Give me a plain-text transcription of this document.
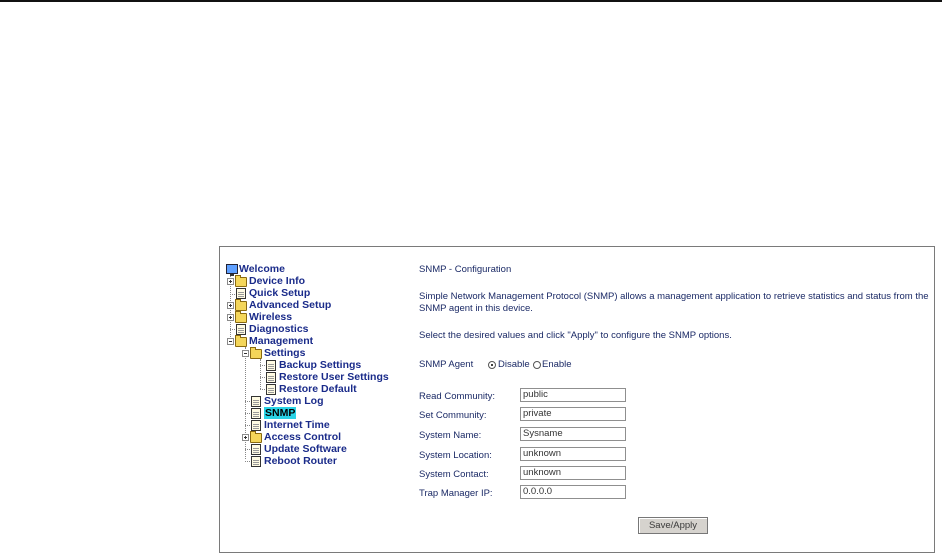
Welcome
Device Info
Quick Setup
Advanced Setup
Wireless
Diagnostics
Management
Settings
Backup Settings
Restore User Settings
Restore Default
System Log
SNMP
Internet Time
Access Control
Update Software
Reboot Router
SNMP - Configuration
Simple Network Management Protocol (SNMP) allows a management application to retrieve statistics and status from the SNMP agent in this device.
Select the desired values and click "Apply" to configure the SNMP options.
SNMP Agent	Disable Enable
Read Community:	public
Set Community:	private
System Name:	Sysname
System Location:	unknown
System Contact:	unknown
Trap Manager IP:	0.0.0.0
Save/Apply
